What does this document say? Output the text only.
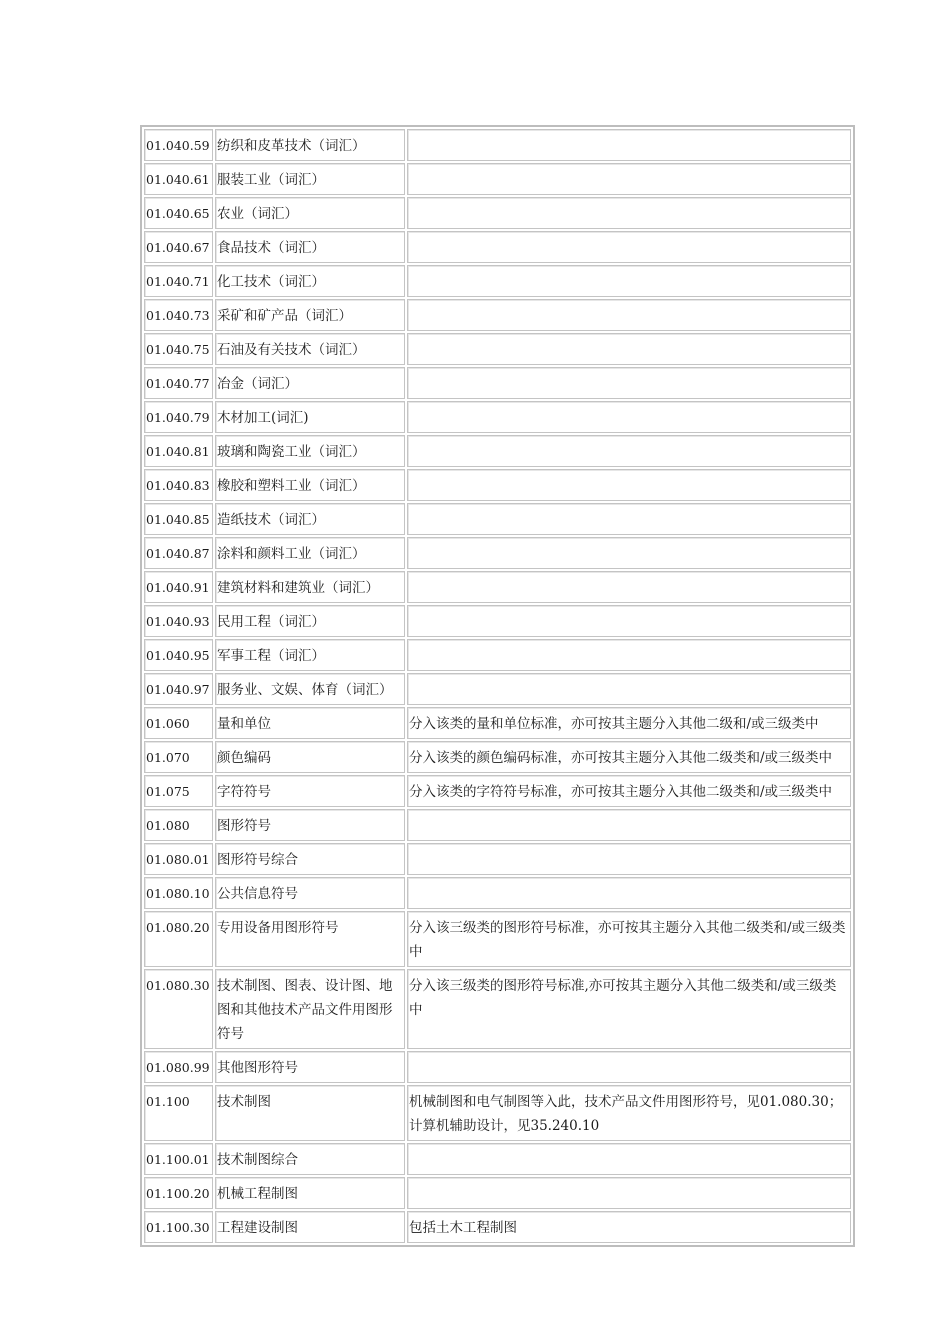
01.040.59	纺织和皮革技术（词汇）	
01.040.61	服装工业（词汇）	
01.040.65	农业（词汇）	
01.040.67	食品技术（词汇）	
01.040.71	化工技术（词汇）	
01.040.73	采矿和矿产品（词汇）	
01.040.75	石油及有关技术（词汇）	
01.040.77	冶金（词汇）	
01.040.79	木材加工(词汇)	
01.040.81	玻璃和陶瓷工业（词汇）	
01.040.83	橡胶和塑料工业（词汇）	
01.040.85	造纸技术（词汇）	
01.040.87	涂料和颜料工业（词汇）	
01.040.91	建筑材料和建筑业（词汇）	
01.040.93	民用工程（词汇）	
01.040.95	军事工程（词汇）	
01.040.97	服务业、文娱、体育（词汇）	
01.060	量和单位	分入该类的量和单位标准，亦可按其主题分入其他二级和/或三级类中
01.070	颜色编码	分入该类的颜色编码标准，亦可按其主题分入其他二级类和/或三级类中
01.075	字符符号	分入该类的字符符号标准，亦可按其主题分入其他二级类和/或三级类中
01.080	图形符号	
01.080.01	图形符号综合	
01.080.10	公共信息符号	
01.080.20	专用设备用图形符号	分入该三级类的图形符号标准，亦可按其主题分入其他二级类和/或三级类中
01.080.30	技术制图、图表、设计图、地图和其他技术产品文件用图形符号	分入该三级类的图形符号标准,亦可按其主题分入其他二级类和/或三级类中
01.080.99	其他图形符号	
01.100	技术制图	机械制图和电气制图等入此，技术产品文件用图形符号，见01.080.30；计算机辅助设计，见35.240.10
01.100.01	技术制图综合	
01.100.20	机械工程制图	
01.100.30	工程建设制图	包括土木工程制图
